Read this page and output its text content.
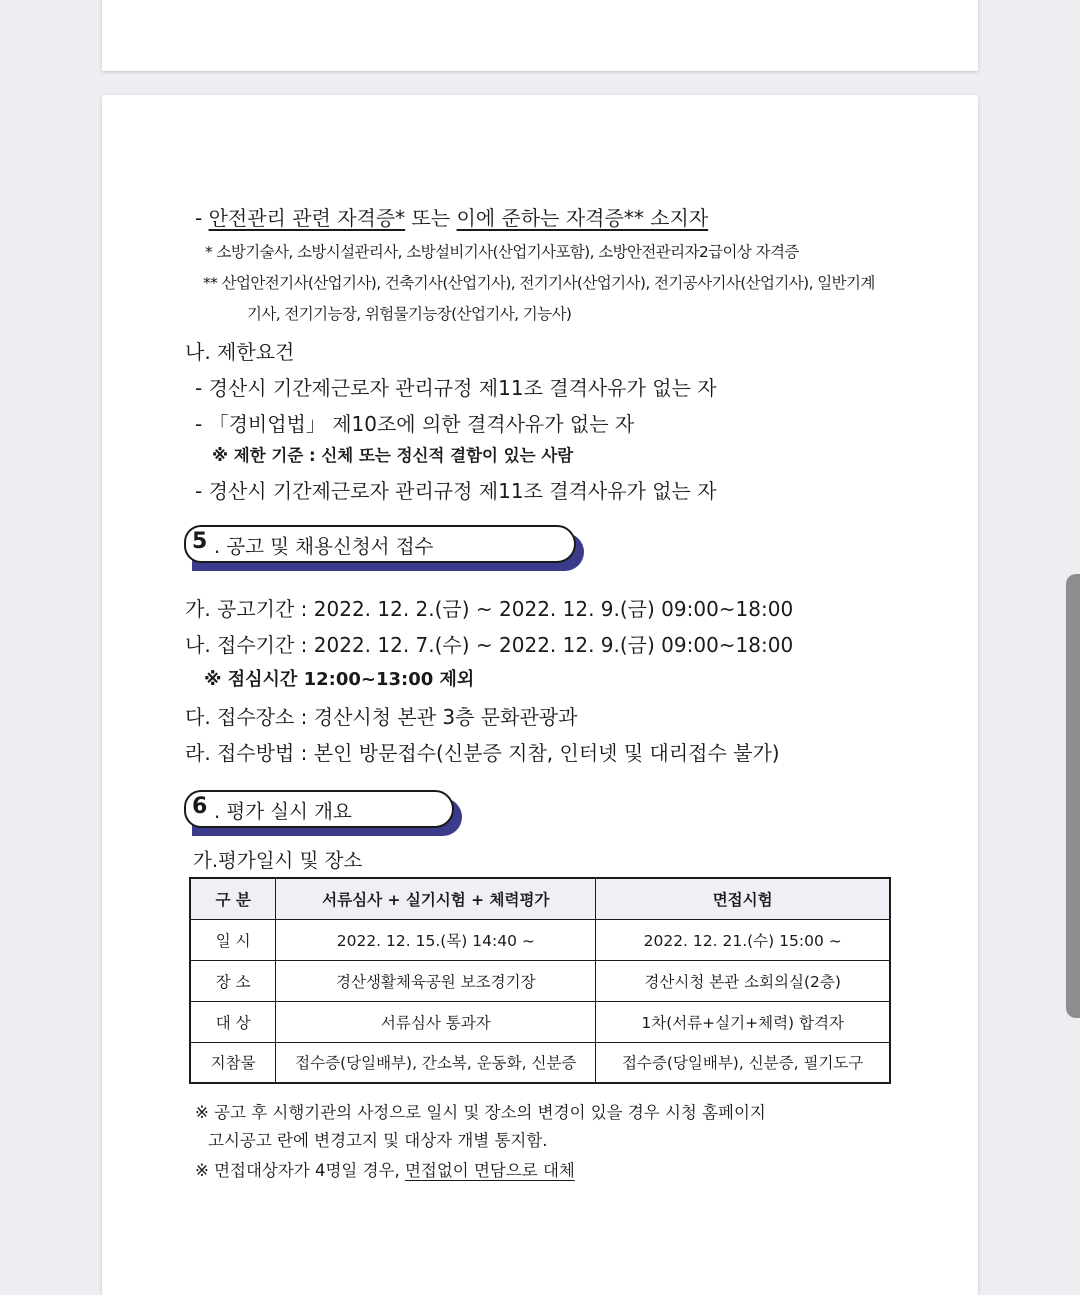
- 안전관리 관련 자격증* 또는 이에 준하는 자격증** 소지자
* 소방기술사, 소방시설관리사, 소방설비기사(산업기사포함), 소방안전관리자2급이상 자격증
** 산업안전기사(산업기사), 건축기사(산업기사), 전기기사(산업기사), 전기공사기사(산업기사), 일반기계
기사, 전기기능장, 위험물기능장(산업기사, 기능사)
나. 제한요건
- 경산시 기간제근로자 관리규정 제11조 결격사유가 없는 자
- 「경비업법」 제10조에 의한 결격사유가 없는 자
※ 제한 기준 : 신체 또는 정신적 결함이 있는 사람
- 경산시 기간제근로자 관리규정 제11조 결격사유가 없는 자
5 . 공고 및 채용신청서 접수
가. 공고기간 : 2022. 12. 2.(금) ~ 2022. 12. 9.(금) 09:00~18:00
나. 접수기간 : 2022. 12. 7.(수) ~ 2022. 12. 9.(금) 09:00~18:00
※ 점심시간 12:00~13:00 제외
다. 접수장소 : 경산시청 본관 3층 문화관광과
라. 접수방법 : 본인 방문접수(신분증 지참, 인터넷 및 대리접수 불가)
6 . 평가 실시 개요
가.평가일시 및 장소
구 분	서류심사 + 실기시험 + 체력평가	면접시험
일 시	2022. 12. 15.(목) 14:40 ~	2022. 12. 21.(수) 15:00 ~
장 소	경산생활체육공원 보조경기장	경산시청 본관 소회의실(2층)
대 상	서류심사 통과자	1차(서류+실기+체력) 합격자
지참물	접수증(당일배부), 간소복, 운동화, 신분증	접수증(당일배부), 신분증, 필기도구
※ 공고 후 시행기관의 사정으로 일시 및 장소의 변경이 있을 경우 시청 홈페이지
고시공고 란에 변경고지 및 대상자 개별 통지함.
※ 면접대상자가 4명일 경우, 면접없이 면담으로 대체
